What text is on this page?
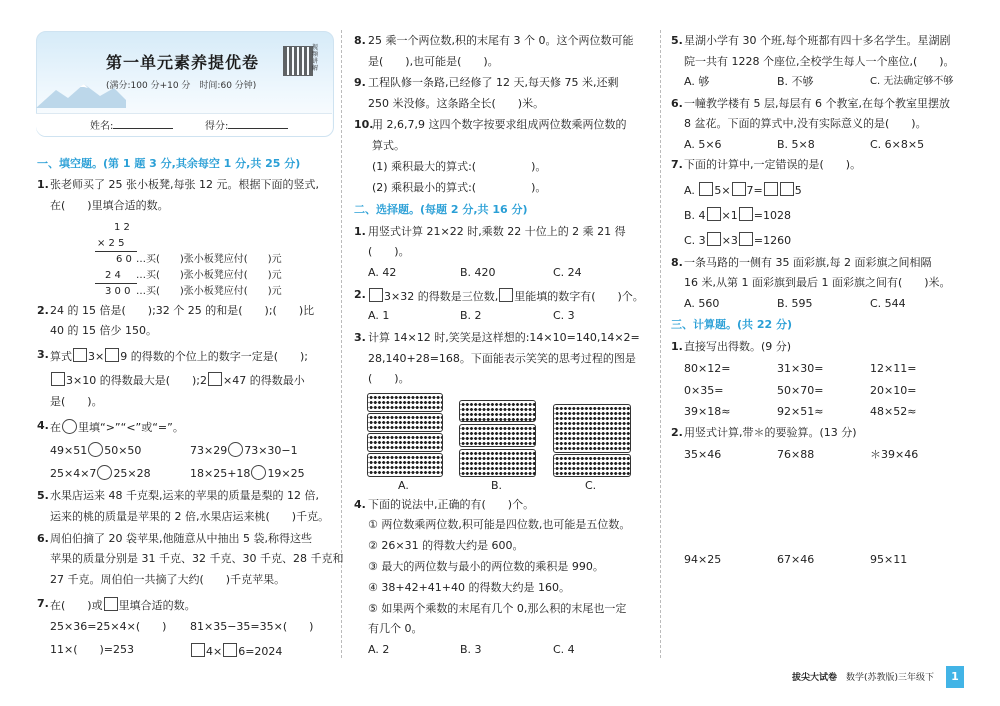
第一单元素养提优卷
视频讲解
(满分:100 分+10 分　时间:60 分钟)
姓名:	得分:
一、填空题。(第 1 题 3 分,其余每空 1 分,共 25 分)
1. 张老师买了 25 张小板凳,每张 12 元。根据下面的竖式,
在(　　)里填合适的数。
1 2
× 2 5
6 0 …买(　　)张小板凳应付(　　)元
2 4 …买(　　)张小板凳应付(　　)元
3 0 0 …买(　　)张小板凳应付(　　)元
2. 24 的 15 倍是(　　);32 个 25 的和是(　　);(　　)比
40 的 15 倍少 150。
3. 算式 3× 9 的得数的个位上的数字一定是(　　);
3×10 的得数最大是(　　);2 ×47 的得数最小
是(　　)。
4. 在 里填“>”“<”或“=”。
49×51 50×50	73×29 73×30−1
25×4×7 25×28	18×25+18 19×25
5. 水果店运来 48 千克梨,运来的苹果的质量是梨的 12 倍,
运来的桃的质量是苹果的 2 倍,水果店运来桃(　　)千克。
6. 周伯伯摘了 20 袋苹果,他随意从中抽出 5 袋,称得这些
苹果的质量分别是 31 千克、32 千克、30 千克、28 千克和
27 千克。周伯伯一共摘了大约(　　)千克苹果。
7. 在(　　)或 里填合适的数。
25×36=25×4×(　　) 81×35−35=35×(　　)
11×(　　)=253	4× 6=2024
8. 25 乘一个两位数,积的末尾有 3 个 0。这个两位数可能
是(　　),也可能是(　　)。
9. 工程队修一条路,已经修了 12 天,每天修 75 米,还剩
250 米没修。这条路全长(　　)米。
10.
用 2,6,7,9 这四个数字按要求组成两位数乘两位数的
算式。
(1) 乘积最大的算式:(　　　　　)。
(2) 乘积最小的算式:(　　　　　)。
二、选择题。(每题 2 分,共 16 分)
1. 用竖式计算 21×22 时,乘数 22 十位上的 2 乘 21 得
(　　)。
A. 42	B. 420	C. 24
2.	3×32 的得数是三位数, 里能填的数字有(　　)个。
A. 1	B. 2	C. 3
3. 计算 14×12 时,笑笑是这样想的:14×10=140,14×2=
28,140+28=168。下面能表示笑笑的思考过程的图是
(　　)。
A.	B.	C.
4. 下面的说法中,正确的有(　　)个。
① 两位数乘两位数,积可能是四位数,也可能是五位数。
② 26×31 的得数大约是 600。
③ 最大的两位数与最小的两位数的乘积是 990。
④ 38+42+41+40 的得数大约是 160。
⑤ 如果两个乘数的末尾有几个 0,那么积的末尾也一定
有几个 0。
A. 2	B. 3	C. 4
5. 星湖小学有 30 个班,每个班都有四十多名学生。星湖剧
院一共有 1228 个座位,全校学生每人一个座位,(　　)。
A. 够	B. 不够	C. 无法确定够不够
6. 一幢教学楼有 5 层,每层有 6 个教室,在每个教室里摆放
8 盆花。下面的算式中,没有实际意义的是(　　)。
A. 5×6	B. 5×8	C. 6×8×5
7. 下面的计算中,一定错误的是(　　)。
A. 5× 7=	5
B. 4 ×1 =1028
C. 3 ×3 =1260
8. 一条马路的一侧有 35 面彩旗,每 2 面彩旗之间相隔
16 米,从第 1 面彩旗到最后 1 面彩旗之间有(　　)米。
A. 560	B. 595	C. 544
三、计算题。(共 22 分)
1. 直接写出得数。(9 分)
80×12=	31×30=	12×11=
0×35=	50×70=	20×10=
39×18≈	92×51≈	48×52≈
2. 用竖式计算,带＊的要验算。(13 分)
35×46	76×88	＊39×46
94×25	67×46	95×11
拔尖大试卷 数学(苏教版)三年级下	1
